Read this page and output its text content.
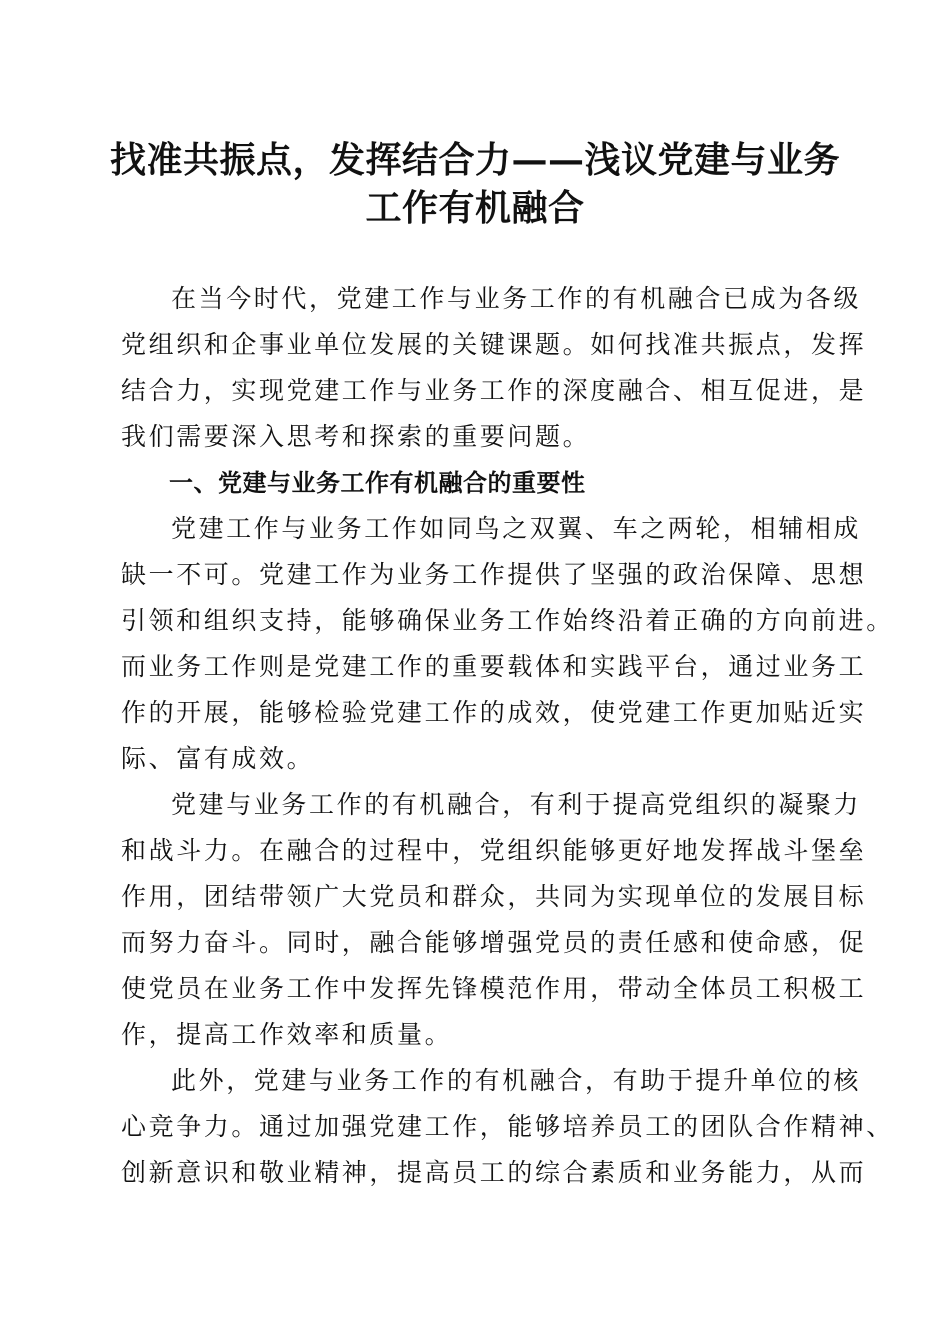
找准共振点，发挥结合力——浅议党建与业务
工作有机融合

在当今时代，党建工作与业务工作的有机融合已成为各级
党组织和企事业单位发展的关键课题。如何找准共振点，发挥
结合力，实现党建工作与业务工作的深度融合、相互促进，是
我们需要深入思考和探索的重要问题。

一、党建与业务工作有机融合的重要性

党建工作与业务工作如同鸟之双翼、车之两轮，相辅相成
缺一不可。党建工作为业务工作提供了坚强的政治保障、思想
引领和组织支持，能够确保业务工作始终沿着正确的方向前进。
而业务工作则是党建工作的重要载体和实践平台，通过业务工
作的开展，能够检验党建工作的成效，使党建工作更加贴近实
际、富有成效。

党建与业务工作的有机融合，有利于提高党组织的凝聚力
和战斗力。在融合的过程中，党组织能够更好地发挥战斗堡垒
作用，团结带领广大党员和群众，共同为实现单位的发展目标
而努力奋斗。同时，融合能够增强党员的责任感和使命感，促
使党员在业务工作中发挥先锋模范作用，带动全体员工积极工
作，提高工作效率和质量。

此外，党建与业务工作的有机融合，有助于提升单位的核
心竞争力。通过加强党建工作，能够培养员工的团队合作精神、
创新意识和敬业精神，提高员工的综合素质和业务能力，从而
